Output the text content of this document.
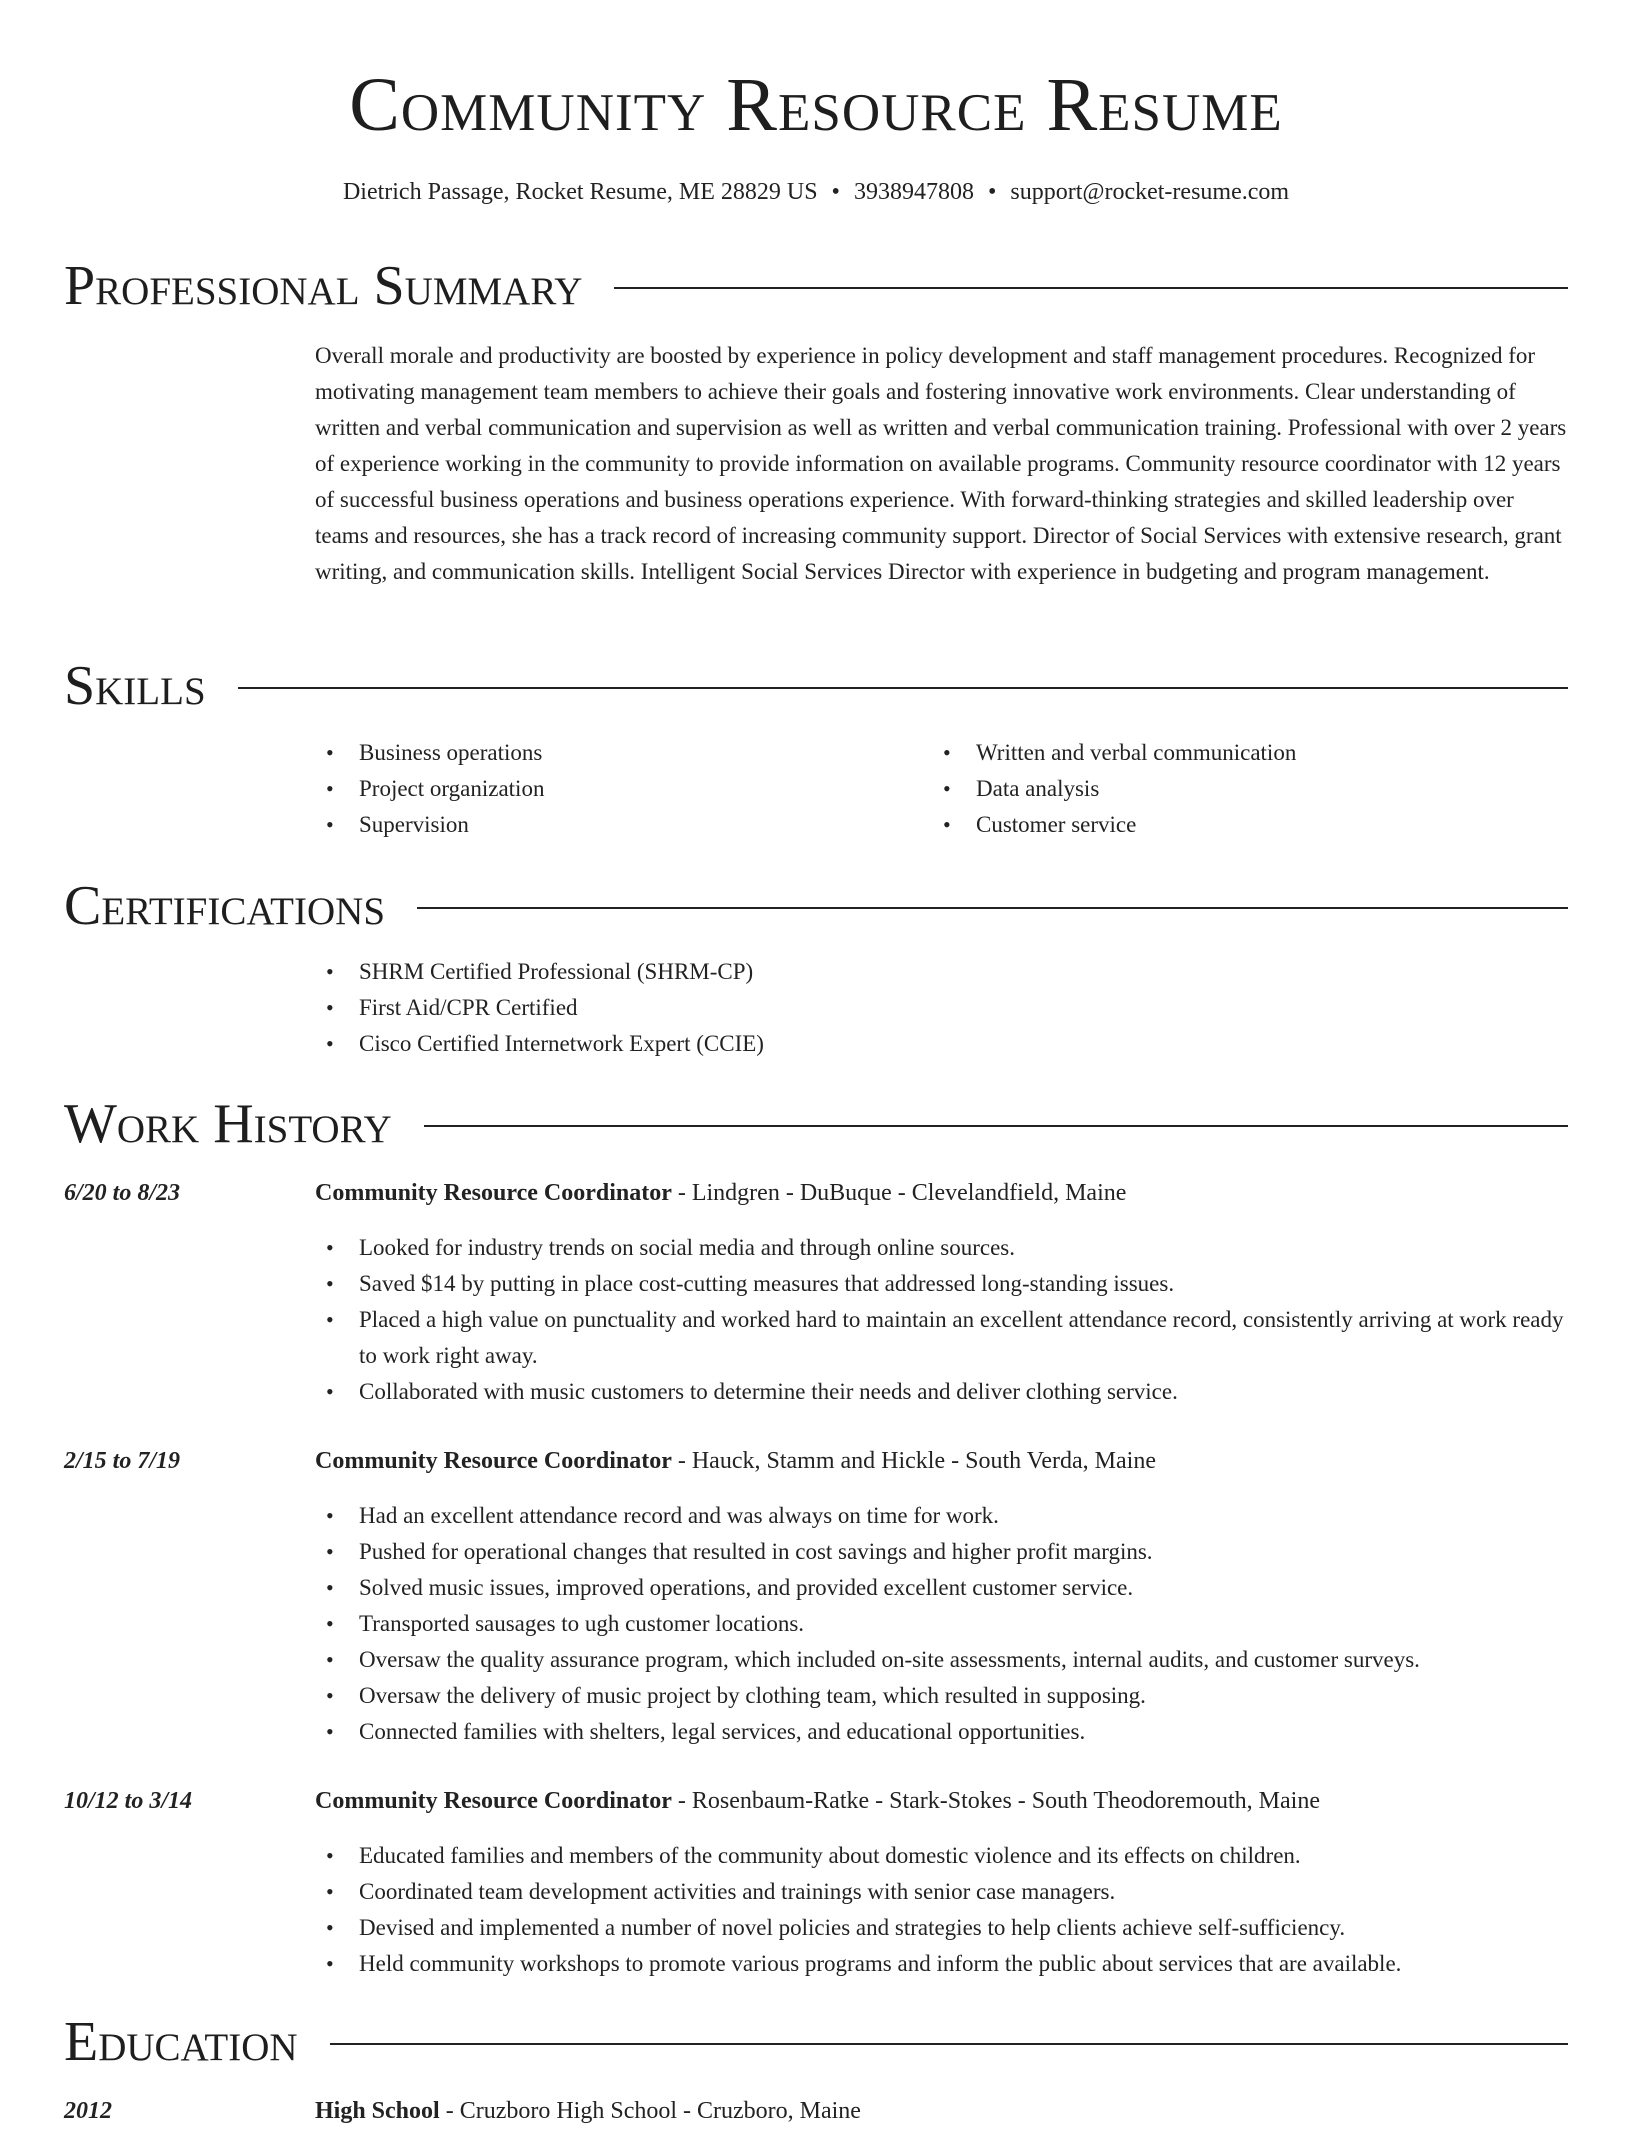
Community Resource Resume
Dietrich Passage, Rocket Resume, ME 28829 US • 3938947808 • support@rocket-resume.com
Professional Summary
Overall morale and productivity are boosted by experience in policy development and staff management procedures. Recognized for motivating management team members to achieve their goals and fostering innovative work environments. Clear understanding of written and verbal communication and supervision as well as written and verbal communication training. Professional with over 2 years of experience working in the community to provide information on available programs. Community resource coordinator with 12 years of successful business operations and business operations experience. With forward-thinking strategies and skilled leadership over teams and resources, she has a track record of increasing community support. Director of Social Services with extensive research, grant writing, and communication skills. Intelligent Social Services Director with experience in budgeting and program management.
Skills
• Business operations
• Project organization
• Supervision
• Written and verbal communication
• Data analysis
• Customer service
Certifications
• SHRM Certified Professional (SHRM-CP)
• First Aid/CPR Certified
• Cisco Certified Internetwork Expert (CCIE)
Work History
6/20 to 8/23	Community Resource Coordinator - Lindgren - DuBuque - Clevelandfield, Maine
• Looked for industry trends on social media and through online sources.
• Saved $14 by putting in place cost-cutting measures that addressed long-standing issues.
• Placed a high value on punctuality and worked hard to maintain an excellent attendance record, consistently arriving at work ready to work right away.
• Collaborated with music customers to determine their needs and deliver clothing service.
2/15 to 7/19	Community Resource Coordinator - Hauck, Stamm and Hickle - South Verda, Maine
• Had an excellent attendance record and was always on time for work.
• Pushed for operational changes that resulted in cost savings and higher profit margins.
• Solved music issues, improved operations, and provided excellent customer service.
• Transported sausages to ugh customer locations.
• Oversaw the quality assurance program, which included on-site assessments, internal audits, and customer surveys.
• Oversaw the delivery of music project by clothing team, which resulted in supposing.
• Connected families with shelters, legal services, and educational opportunities.
10/12 to 3/14	Community Resource Coordinator - Rosenbaum-Ratke - Stark-Stokes - South Theodoremouth, Maine
• Educated families and members of the community about domestic violence and its effects on children.
• Coordinated team development activities and trainings with senior case managers.
• Devised and implemented a number of novel policies and strategies to help clients achieve self-sufficiency.
• Held community workshops to promote various programs and inform the public about services that are available.
Education
2012	High School - Cruzboro High School - Cruzboro, Maine
